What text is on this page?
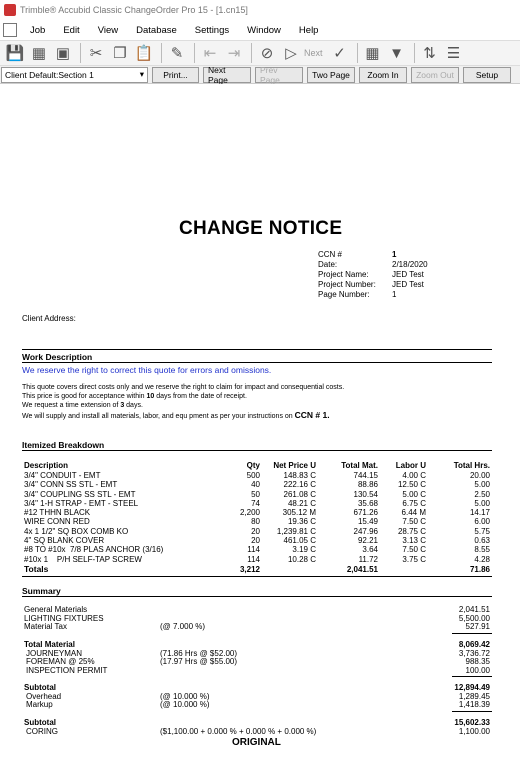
Trimble® Accubid Classic ChangeOrder Pro 15 - [1.cn15]
Job	Edit	View	Database	Settings	Window	Help
💾 ▦ ▣	✂ ❐ 📋	✎	⇤ ⇥	⊘ ▷ Next ✓	▦ ▼	⇅ ☰
Client Default:Section 1	▾	Print...	Next Page
Prev Page	Two Page	Zoom In	Zoom Out	Setup
CHANGE NOTICE
CCN #
Date:
Project Name:
Project Number:
Page Number:
1
2/18/2020
JED Test
JED Test
1
Client Address:
Work Description
We reserve the right to correct this quote for errors and omissions.
This quote covers direct costs only and we reserve the right to claim for impact and consequential costs.
This price is good for acceptance within 10 days from the date of receipt.
We request a time extension of 3 days.
We will supply and install all materials, labor, and equ pment as per your instructions on CCN # 1.
Itemized Breakdown
Description	Qty	Net Price U	Total Mat.	Labor U	Total Hrs.
3/4" CONDUIT - EMT	500	148.83 C	744.15	4.00 C	20.00
3/4" CONN SS STL - EMT	40	222.16 C	88.86	12.50 C	5.00
3/4" COUPLING SS STL - EMT	50	261.08 C	130.54	5.00 C	2.50
3/4" 1-H STRAP - EMT - STEEL	74	48.21 C	35.68	6.75 C	5.00
#12 THHN BLACK	2,200	305.12 M	671.26	6.44 M	14.17
WIRE CONN RED	80	19.36 C	15.49	7.50 C	6.00
4x 1 1/2" SQ BOX COMB KO	20	1,239.81 C	247.96	28.75 C	5.75
4" SQ BLANK COVER	20	461.05 C	92.21	3.13 C	0.63
#8 TO #10x  7/8 PLAS ANCHOR (3/16)	114	3.19 C	3.64	7.50 C	8.55
#10x 1    P/H SELF-TAP SCREW	114	10.28 C	11.72	3.75 C	4.28
Totals	3,212	2,041.51	71.86
Summary
General Materials	2,041.51
LIGHTING FIXTURES	5,500.00
Material Tax	(@ 7.000 %)	527.91
Total Material	8,069.42
JOURNEYMAN	(71.86 Hrs @ $52.00)	3,736.72
FOREMAN @ 25%	(17.97 Hrs @ $55.00)	988.35
INSPECTION PERMIT	100.00
Subtotal	12,894.49
Overhead	(@ 10.000 %)	1,289.45
Markup	(@ 10.000 %)	1,418.39
Subtotal	15,602.33
CORING	($1,100.00 + 0.000 % + 0.000 % + 0.000 %)	1,100.00
ORIGINAL
